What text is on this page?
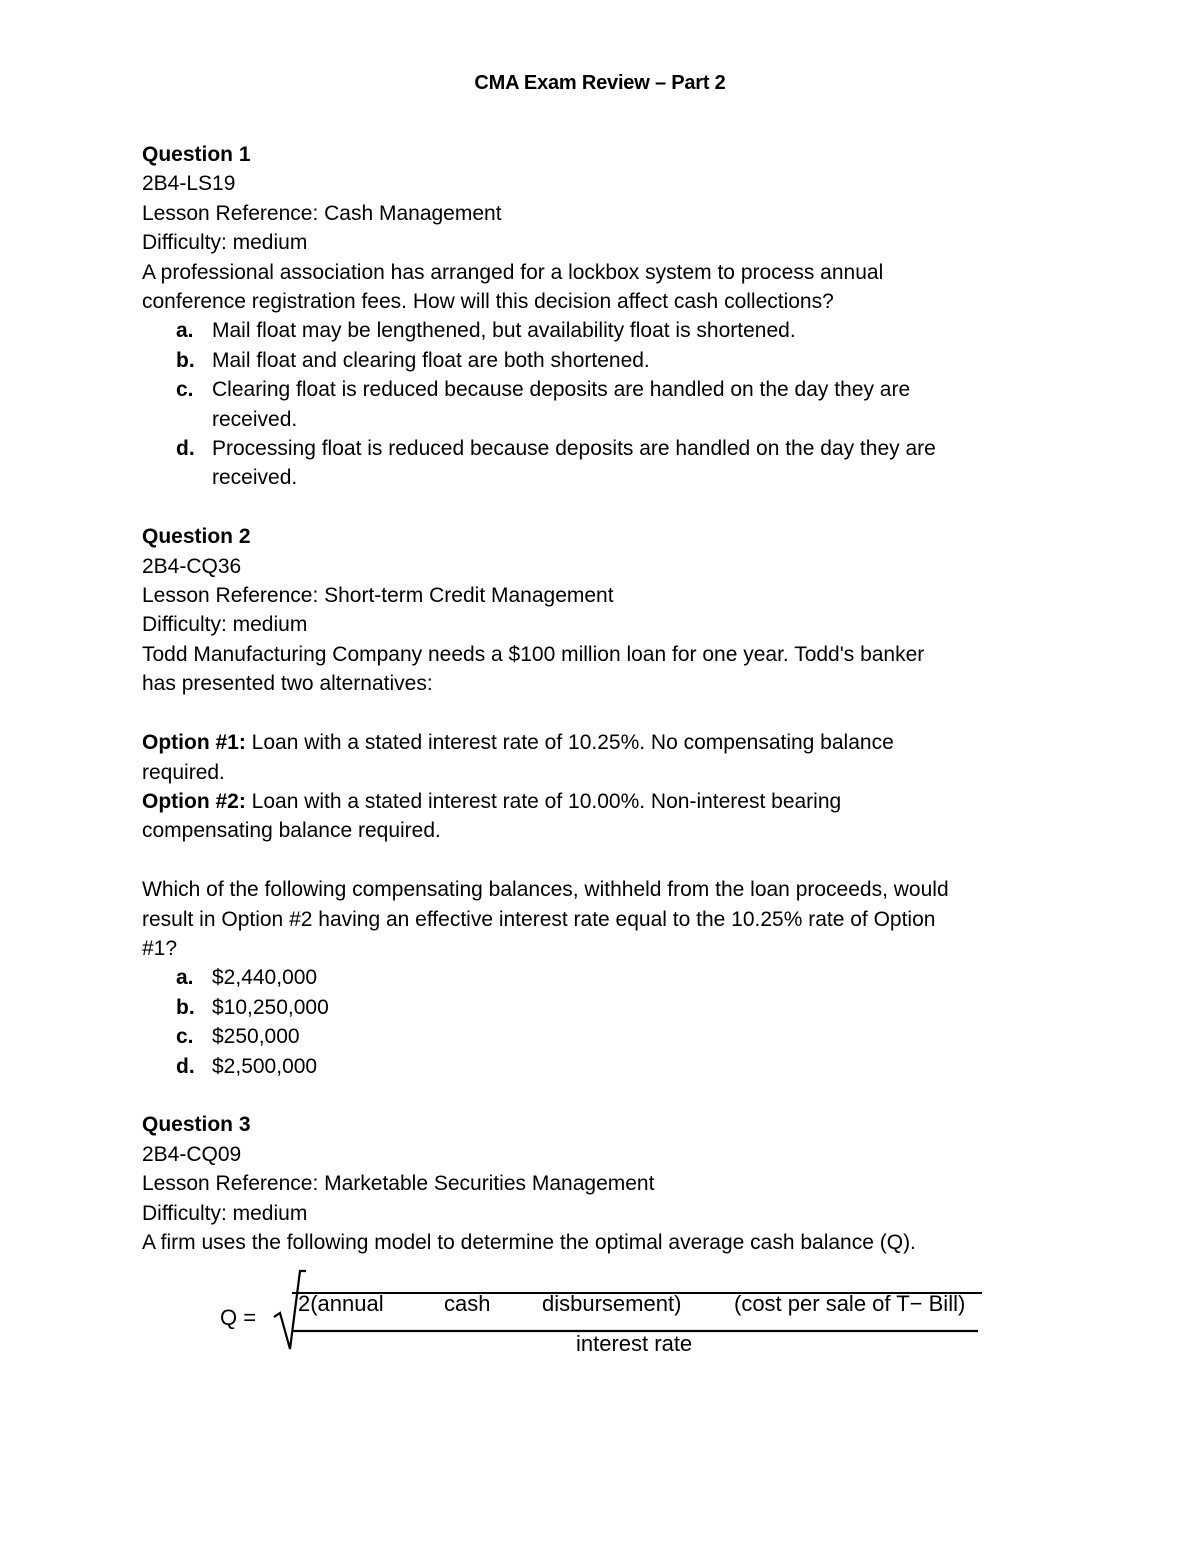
CMA Exam Review – Part 2
Question 1
2B4-LS19
Lesson Reference: Cash Management
Difficulty: medium
A professional association has arranged for a lockbox system to process annual
conference registration fees. How will this decision affect cash collections?
a. Mail float may be lengthened, but availability float is shortened.
b. Mail float and clearing float are both shortened.
c. Clearing float is reduced because deposits are handled on the day they are
received.
d. Processing float is reduced because deposits are handled on the day they are
received.
Question 2
2B4-CQ36
Lesson Reference: Short-term Credit Management
Difficulty: medium
Todd Manufacturing Company needs a $100 million loan for one year. Todd's banker
has presented two alternatives:
Option #1: Loan with a stated interest rate of 10.25%. No compensating balance
required.
Option #2: Loan with a stated interest rate of 10.00%. Non-interest bearing
compensating balance required.
Which of the following compensating balances, withheld from the loan proceeds, would
result in Option #2 having an effective interest rate equal to the 10.25% rate of Option
#1?
a. $2,440,000
b. $10,250,000
c. $250,000
d. $2,500,000
Question 3
2B4-CQ09
Lesson Reference: Marketable Securities Management
Difficulty: medium
A firm uses the following model to determine the optimal average cash balance (Q).
Q =
2(annual	cash disbursement) (cost per sale of T− Bill)
interest rate
